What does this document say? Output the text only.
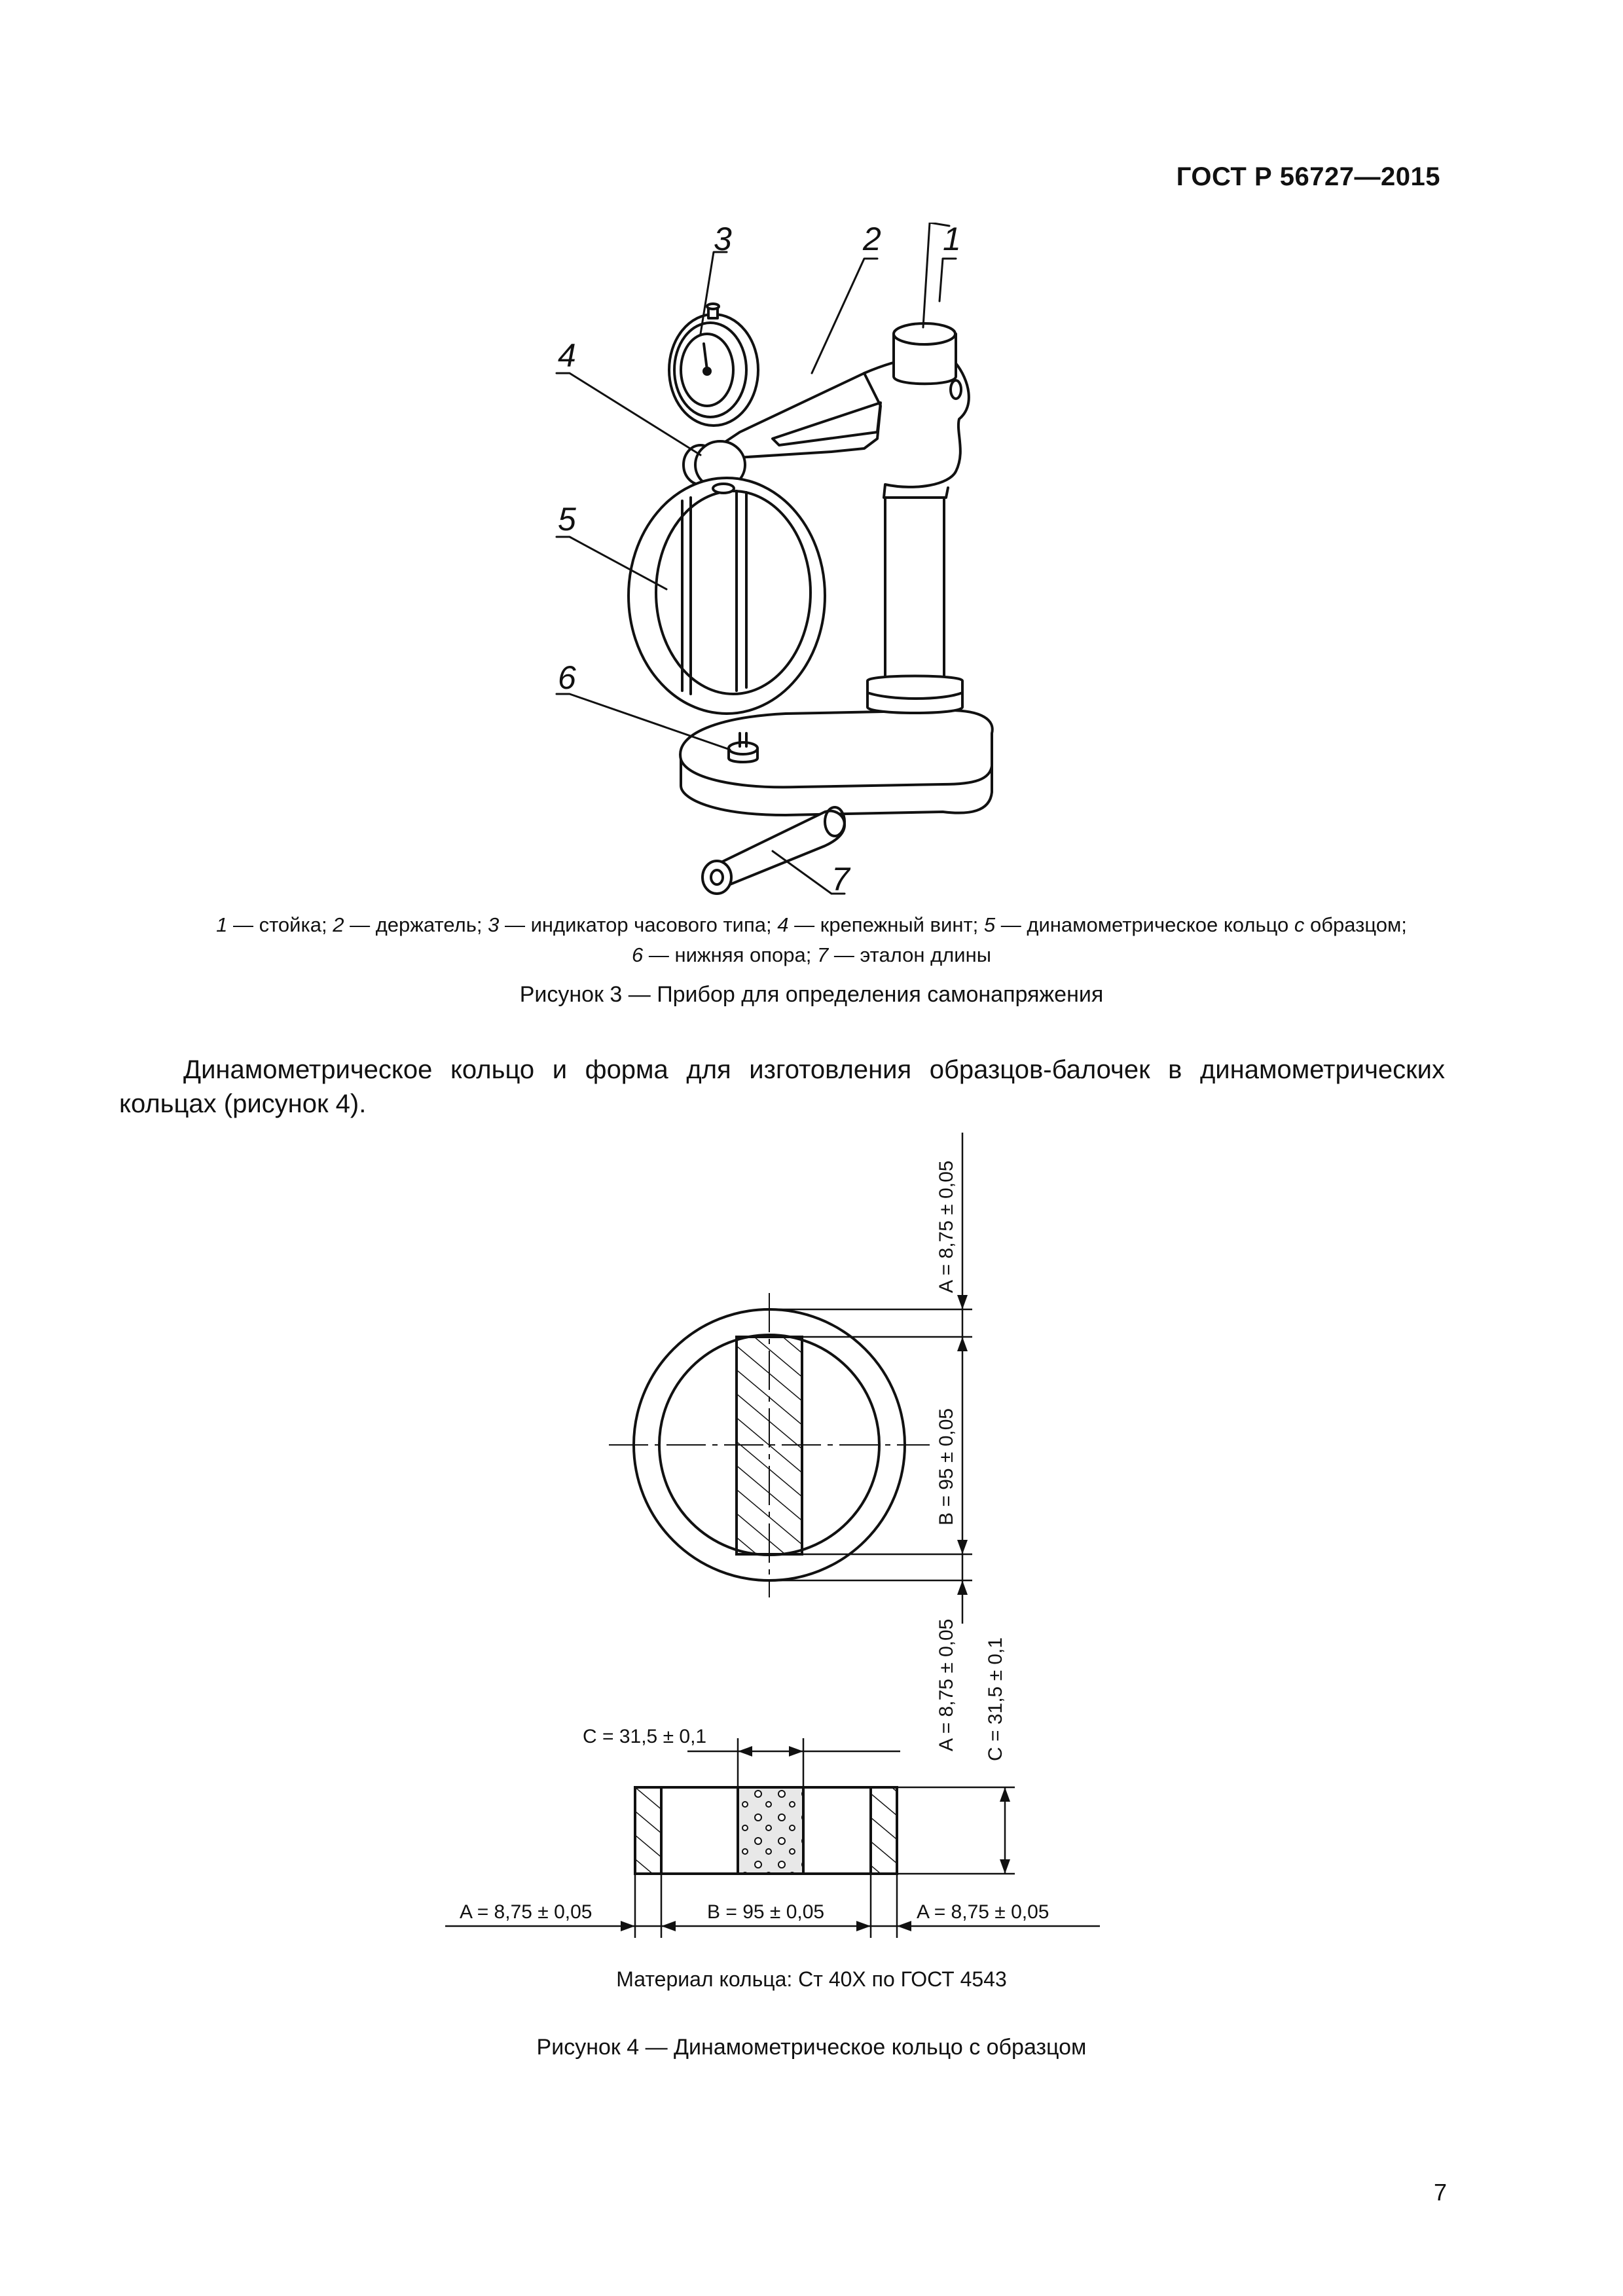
ГОСТ Р 56727—2015
3	2 1
4
5
6
7
1 — стойка; 2 — держатель; 3 — индикатор часового типа; 4 — крепежный винт; 5 — динамометрическое кольцо с образцом;
6 — нижняя опора; 7 — эталон длины
Рисунок 3 — Прибор для определения самонапряжения
Динамометрическое кольцо и форма для изготовления образцов-балочек в динамометрических кольцах (рисунок 4).
A = 8,75 ± 0,05
B = 95 ± 0,05
A = 8,75 ± 0,05 C = 31,5 ± 0,1
C = 31,5 ± 0,1
A = 8,75 ± 0,05	B = 95 ± 0,05	A = 8,75 ± 0,05
Материал кольца: Ст 40Х по ГОСТ 4543
Рисунок 4 — Динамометрическое кольцо с образцом
7
